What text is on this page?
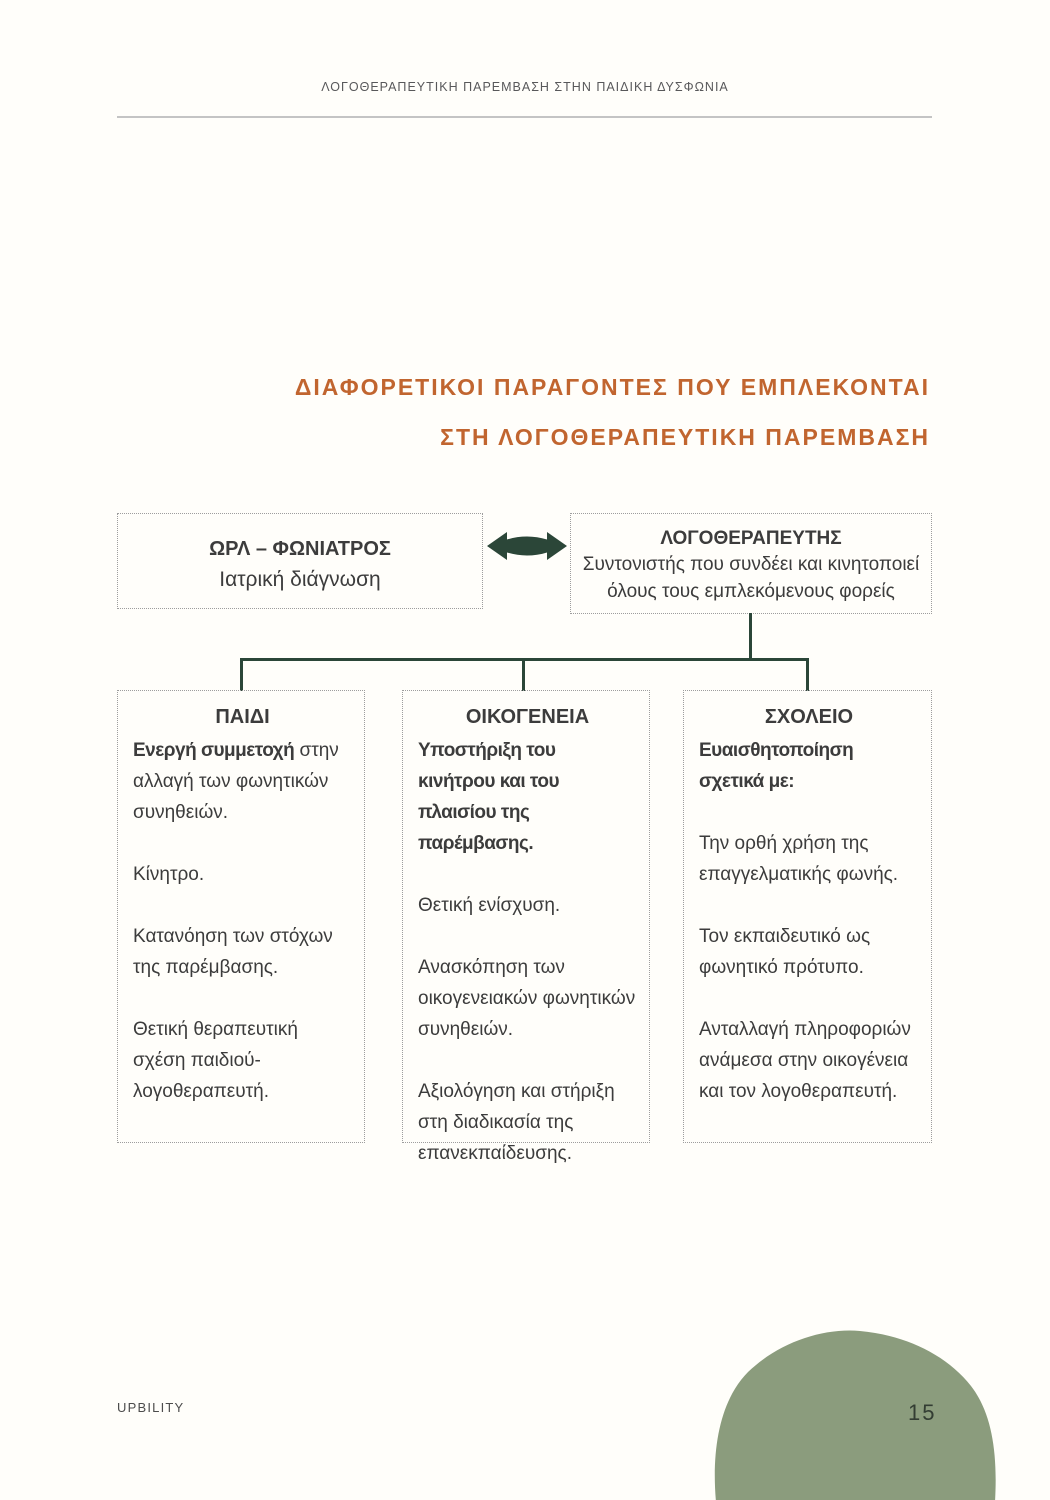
ΛΟΓΟΘΕΡΑΠΕΥΤΙΚΗ ΠΑΡΕΜΒΑΣΗ ΣΤΗΝ ΠΑΙΔΙΚΗ ΔΥΣΦΩΝΙΑ
ΔΙΑΦΟΡΕΤΙΚΟΙ ΠΑΡΑΓΟΝΤΕΣ ΠΟΥ ΕΜΠΛΕΚΟΝΤΑΙ
ΣΤΗ ΛΟΓΟΘΕΡΑΠΕΥΤΙΚΗ ΠΑΡΕΜΒΑΣΗ
ΩΡΛ – ΦΩΝΙΑΤΡΟΣ
Ιατρική διάγνωση
ΛΟΓΟΘΕΡΑΠΕΥΤΗΣ
Συντονιστής που συνδέει και κινητοποιεί όλους τους εμπλεκόμενους φορείς
ΠΑΙΔΙ

Ενεργή συμμετοχή στην αλλαγή των φωνητικών συνηθειών.

Κίνητρο.

Κατανόηση των στόχων της παρέμβασης.

Θετική θεραπευτική σχέση παιδιού-λογοθεραπευτή.

ΟΙΚΟΓΕΝΕΙΑ

Υποστήριξη του κινήτρου και του πλαισίου της παρέμβασης.

Θετική ενίσχυση.

Ανασκόπηση των οικογενειακών φωνητικών συνηθειών.

Αξιολόγηση και στήριξη στη διαδικασία της επανεκπαίδευσης.

ΣΧΟΛΕΙΟ

Ευαισθητοποίηση σχετικά με:

Την ορθή χρήση της επαγγελματικής φωνής.

Τον εκπαιδευτικό ως φωνητικό πρότυπο.

Ανταλλαγή πληροφοριών ανάμεσα στην οικογένεια και τον λογοθεραπευτή.

UPBILITY	15
